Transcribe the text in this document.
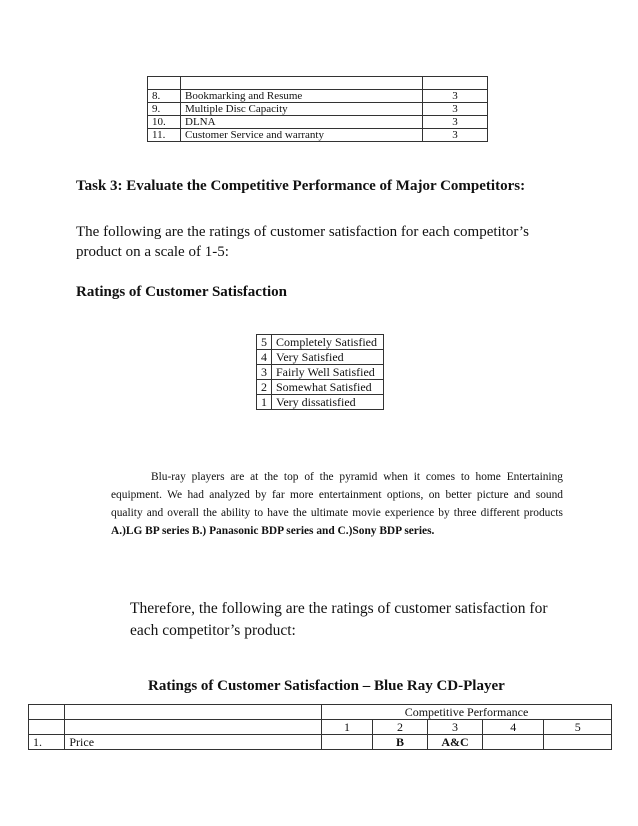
8.	Bookmarking and Resume	3
9.	Multiple Disc Capacity	3
10.	DLNA	3
11.	Customer Service and warranty	3
Task 3: Evaluate the Competitive Performance of Major Competitors:
The following are the ratings of customer satisfaction for each competitor’s product on a scale of 1-5:
Ratings of Customer Satisfaction
5	Completely Satisfied
4	Very Satisfied
3	Fairly Well Satisfied
2	Somewhat Satisfied
1	Very dissatisfied
Blu-ray players are at the top of the pyramid when it comes to home Entertaining equipment. We had analyzed by far more entertainment options, on better picture and sound quality and overall the ability to have the ultimate movie experience by three different products A.)LG BP series B.) Panasonic BDP series and C.)Sony BDP series.
Therefore, the following are the ratings of customer satisfaction for each competitor’s product:
Ratings of Customer Satisfaction – Blue Ray CD-Player
		Competitive Performance				
		1	2	3	4	5
1.	Price		B	A&C		
